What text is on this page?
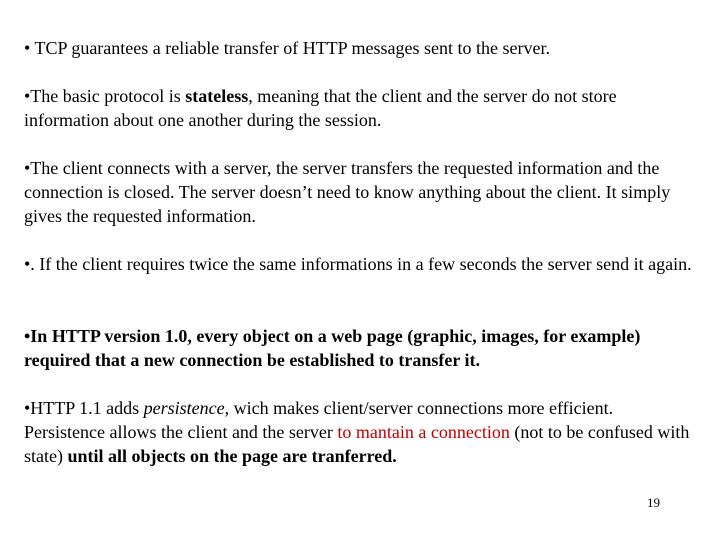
• TCP guarantees a reliable transfer of HTTP messages sent to the server.

•The basic protocol is stateless, meaning that the client and the server do not store information about one another during the session.

•The client connects with a server, the server transfers the requested information and the connection is closed. The server doesn’t need to know anything about the client. It simply gives the requested information.

•. If the client requires twice the same informations in a few seconds the server send it again.

•In HTTP version 1.0, every object on a web page (graphic, images, for example) required that a new connection be established to transfer it.

•HTTP 1.1 adds persistence, wich makes client/server connections more efficient. Persistence allows the client and the server to mantain a connection (not to be confused with state) until all objects on the page are tranferred.

19
